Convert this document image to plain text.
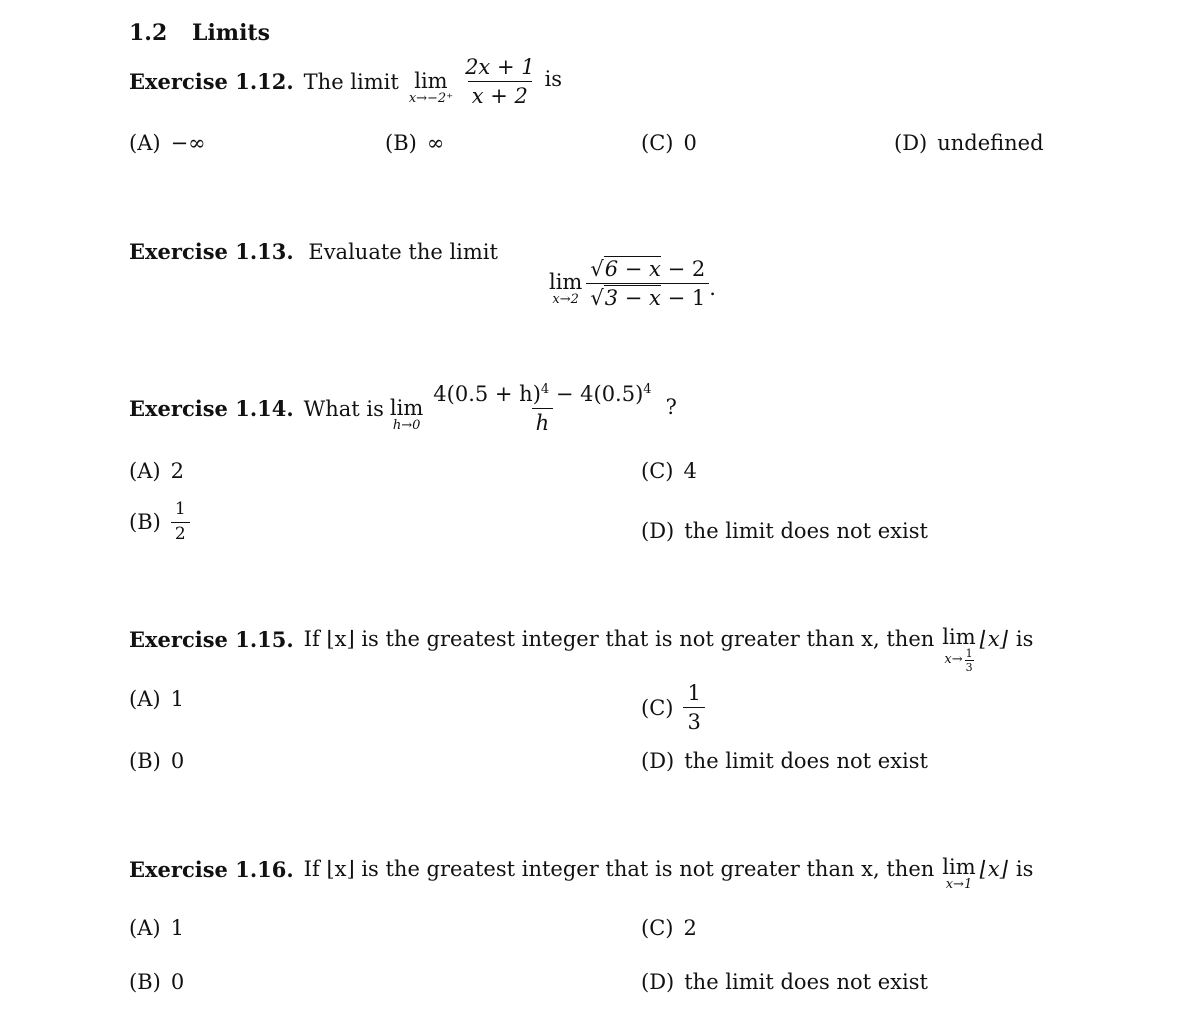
1.2 Limits
Exercise 1.12. The limit lim
$x\to-2^+ \frac{2x + 1}{x + 2}$ is
(A) −∞	(B) ∞	(C) 0	(D) undefined
Exercise 1.13. Evaluate the limit
lim
$x\to 2 \frac{√6 - x - 2}{√3 - x - 1}$ .
Exercise 1.14. What is lim
$h\to 0 \frac{4(0.5 + h)^4 - 4(0.5)^4}{h}$ ?
(A) 2
$(B) \frac{1}{2}$
(C) 4
(D) the limit does not exist
Exercise 1.15. If ⌊x⌋ is the greatest integer that is not greater than x, then lim
$x\to \frac{1}{3}$
⌊x⌋ is
(A) 1
(B) 0
$(C) \frac{1}{3}$
(D) the limit does not exist
Exercise 1.16. If ⌊x⌋ is the greatest integer that is not greater than x, then lim
x→1
⌊x⌋ is
(A) 1
(B) 0
(C) 2
(D) the limit does not exist
